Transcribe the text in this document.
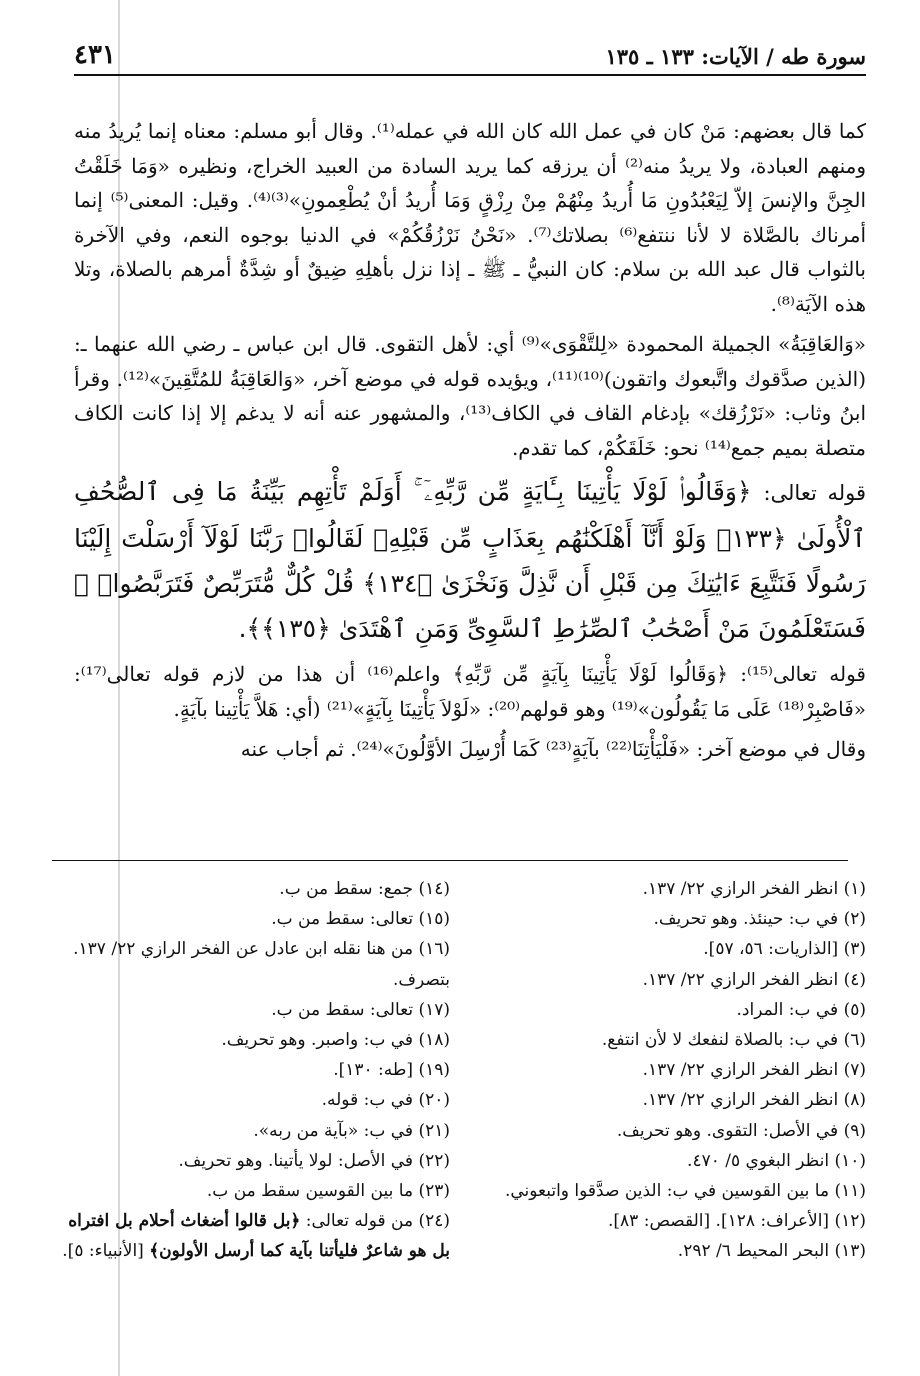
سورة طه / الآيات: ١٣٣ ـ ١٣٥
٤٣١

كما قال بعضهم: مَنْ كان في عمل الله كان الله في عمله⁽¹⁾. وقال أبو مسلم: معناه إنما يُريدُ منه ومنهم العبادة، ولا يريدُ منه⁽²⁾ أن يرزقه كما يريد السادة من العبيد الخراج، ونظيره «وَمَا خَلَقْتُ الجِنَّ والإنسَ إلاّ لِيَعْبُدُونِ مَا أُريدُ مِنْهُمْ مِنْ رِزْقٍ وَمَا أُريدُ أنْ يُطْعِمونِ»⁽³⁾⁽⁴⁾. وقيل: المعنى⁽⁵⁾ إنما أمرناك بالصَّلاة لا لأنا ننتفع⁽⁶⁾ بصلاتك⁽⁷⁾. «نَحْنُ نَرْزُقُكُمْ» في الدنيا بوجوه النعم، وفي الآخرة بالثواب قال عبد الله بن سلام: كان النبيُّ ـ ﷺ ـ إذا نزل بأهلِهِ ضِيقٌ أو شِدَّةٌ أمرهم بالصلاة، وتلا هذه الآيَة⁽⁸⁾.

«وَالعَاقِبَةُ» الجميلة المحمودة «لِلتَّقْوَى»⁽⁹⁾ أي: لأهل التقوى. قال ابن عباس ـ رضي الله عنهما ـ: (الذين صدَّقوك واتَّبعوك واتقون)⁽¹⁰⁾⁽¹¹⁾، ويؤيده قوله في موضع آخر، «وَالعَاقِبَةُ للمُتَّقِينَ»⁽¹²⁾. وقرأ ابنُ وثاب: «نَرْزُقك» بإدغام القاف في الكاف⁽¹³⁾، والمشهور عنه أنه لا يدغم إلا إذا كانت الكاف متصلة بميم جمع⁽¹⁴⁾ نحو: خَلَقَكُمْ، كما تقدم.

قوله تعالى: ﴿وَقَالُوا۟ لَوْلَا يَأْتِينَا بِـَٔايَةٍ مِّن رَّبِّهِۦٓ ۚ أَوَلَمْ تَأْتِهِم بَيِّنَةُ مَا فِى ٱلصُّحُفِ ٱلْأُولَىٰ ﴿١٣٣﴾ وَلَوْ أَنَّآ أَهْلَكْنَٰهُم بِعَذَابٍ مِّن قَبْلِهِۦ لَقَالُوا۟ رَبَّنَا لَوْلَآ أَرْسَلْتَ إِلَيْنَا رَسُولًا فَنَتَّبِعَ ءَايَٰتِكَ مِن قَبْلِ أَن نَّذِلَّ وَنَخْزَىٰ ﴿١٣٤﴾ قُلْ كُلٌّ مُّتَرَبِّصٌ فَتَرَبَّصُوا۟ ۖ فَسَتَعْلَمُونَ مَنْ أَصْحَٰبُ ٱلصِّرَٰطِ ٱلسَّوِىِّ وَمَنِ ٱهْتَدَىٰ ﴿١٣٥﴾﴾.

قوله تعالى⁽¹⁵⁾: ﴿وَقَالُوا لَوْلَا يَأْتِينَا بِآيَةٍ مِّن رَّبِّهِ﴾ واعلم⁽¹⁶⁾ أن هذا من لازم قوله تعالى⁽¹⁷⁾: «فَاصْبِرْ⁽¹⁸⁾ عَلَى مَا يَقُولُون»⁽¹⁹⁾ وهو قولهم⁽²⁰⁾: «لَوْلاَ يَأْتِينَا بِآيَةٍ»⁽²¹⁾ (أي: هَلاَّ يَأْتِينا بآيَةٍ.

وقال في موضع آخر: «فَلْيَأْتِنَا⁽²²⁾ بآيَةٍ⁽²³⁾ كَمَا أُرْسِلَ الأوَّلُونَ»⁽²⁴⁾. ثم أجاب عنه

(١) انظر الفخر الرازي ٢٢/ ١٣٧.

(٢) في ب: حينئذ. وهو تحريف.

(٣) [الذاريات: ٥٦، ٥٧].

(٤) انظر الفخر الرازي ٢٢/ ١٣٧.

(٥) في ب: المراد.

(٦) في ب: بالصلاة لنفعك لا لأن انتفع.

(٧) انظر الفخر الرازي ٢٢/ ١٣٧.

(٨) انظر الفخر الرازي ٢٢/ ١٣٧.

(٩) في الأصل: التقوى. وهو تحريف.

(١٠) انظر البغوي ٥/ ٤٧٠.

(١١) ما بين القوسين في ب: الذين صدَّقوا واتبعوني.

(١٢) [الأعراف: ١٢٨]. [القصص: ٨٣].

(١٣) البحر المحيط ٦/ ٢٩٢.

(١٤) جمع: سقط من ب.

(١٥) تعالى: سقط من ب.

(١٦) من هنا نقله ابن عادل عن الفخر الرازي ٢٢/ ١٣٧. بتصرف.

(١٧) تعالى: سقط من ب.

(١٨) في ب: واصبر. وهو تحريف.

(١٩) [طه: ١٣٠].

(٢٠) في ب: قوله.

(٢١) في ب: «بآية من ربه».

(٢٢) في الأصل: لولا يأتينا. وهو تحريف.

(٢٣) ما بين القوسين سقط من ب.

(٢٤) من قوله تعالى: ﴿بل قالوا أضغاث أحلام بل افتراه بل هو شاعرٌ فليأتنا بآية كما أرسل الأولون﴾ [الأنبياء: ٥].
